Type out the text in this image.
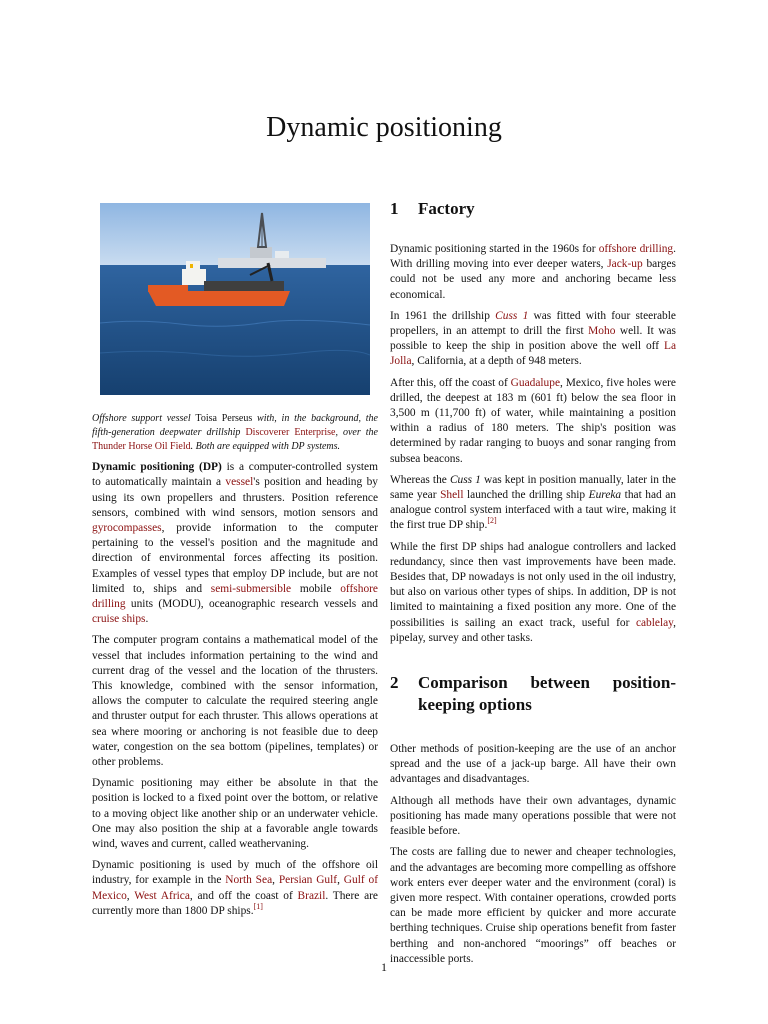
Dynamic positioning

Offshore support vessel Toisa Perseus with, in the background, the fifth-generation deepwater drillship Discoverer Enterprise, over the Thunder Horse Oil Field. Both are equipped with DP systems.

Dynamic positioning (DP) is a computer-controlled system to automatically maintain a vessel's position and heading by using its own propellers and thrusters. Position reference sensors, combined with wind sensors, motion sensors and gyrocompasses, provide information to the computer pertaining to the vessel's position and the magnitude and direction of environmental forces affecting its position. Examples of vessel types that employ DP include, but are not limited to, ships and semi-submersible mobile offshore drilling units (MODU), oceanographic research vessels and cruise ships.

The computer program contains a mathematical model of the vessel that includes information pertaining to the wind and current drag of the vessel and the location of the thrusters. This knowledge, combined with the sensor information, allows the computer to calculate the required steering angle and thruster output for each thruster. This allows operations at sea where mooring or anchoring is not feasible due to deep water, congestion on the sea bottom (pipelines, templates) or other problems.

Dynamic positioning may either be absolute in that the position is locked to a fixed point over the bottom, or relative to a moving object like another ship or an underwater vehicle. One may also position the ship at a favorable angle towards wind, waves and current, called weathervaning.

Dynamic positioning is used by much of the offshore oil industry, for example in the North Sea, Persian Gulf, Gulf of Mexico, West Africa, and off the coast of Brazil. There are currently more than 1800 DP ships.[1]

1	Factory

Dynamic positioning started in the 1960s for offshore drilling. With drilling moving into ever deeper waters, Jack-up barges could not be used any more and anchoring became less economical.

In 1961 the drillship Cuss 1 was fitted with four steerable propellers, in an attempt to drill the first Moho well. It was possible to keep the ship in position above the well off La Jolla, California, at a depth of 948 meters.

After this, off the coast of Guadalupe, Mexico, five holes were drilled, the deepest at 183 m (601 ft) below the sea floor in 3,500 m (11,700 ft) of water, while maintaining a position within a radius of 180 meters. The ship's position was determined by radar ranging to buoys and sonar ranging from subsea beacons.

Whereas the Cuss 1 was kept in position manually, later in the same year Shell launched the drilling ship Eureka that had an analogue control system interfaced with a taut wire, making it the first true DP ship.[2]

While the first DP ships had analogue controllers and lacked redundancy, since then vast improvements have been made. Besides that, DP nowadays is not only used in the oil industry, but also on various other types of ships. In addition, DP is not limited to maintaining a fixed position any more. One of the possibilities is sailing an exact track, useful for cablelay, pipelay, survey and other tasks.

2	Comparison between position-keeping options

Other methods of position-keeping are the use of an anchor spread and the use of a jack-up barge. All have their own advantages and disadvantages.

Although all methods have their own advantages, dynamic positioning has made many operations possible that were not feasible before.

The costs are falling due to newer and cheaper technologies, and the advantages are becoming more compelling as offshore work enters ever deeper water and the environment (coral) is given more respect. With container operations, crowded ports can be made more efficient by quicker and more accurate berthing techniques. Cruise ship operations benefit from faster berthing and non-anchored “moorings” off beaches or inaccessible ports.

1
